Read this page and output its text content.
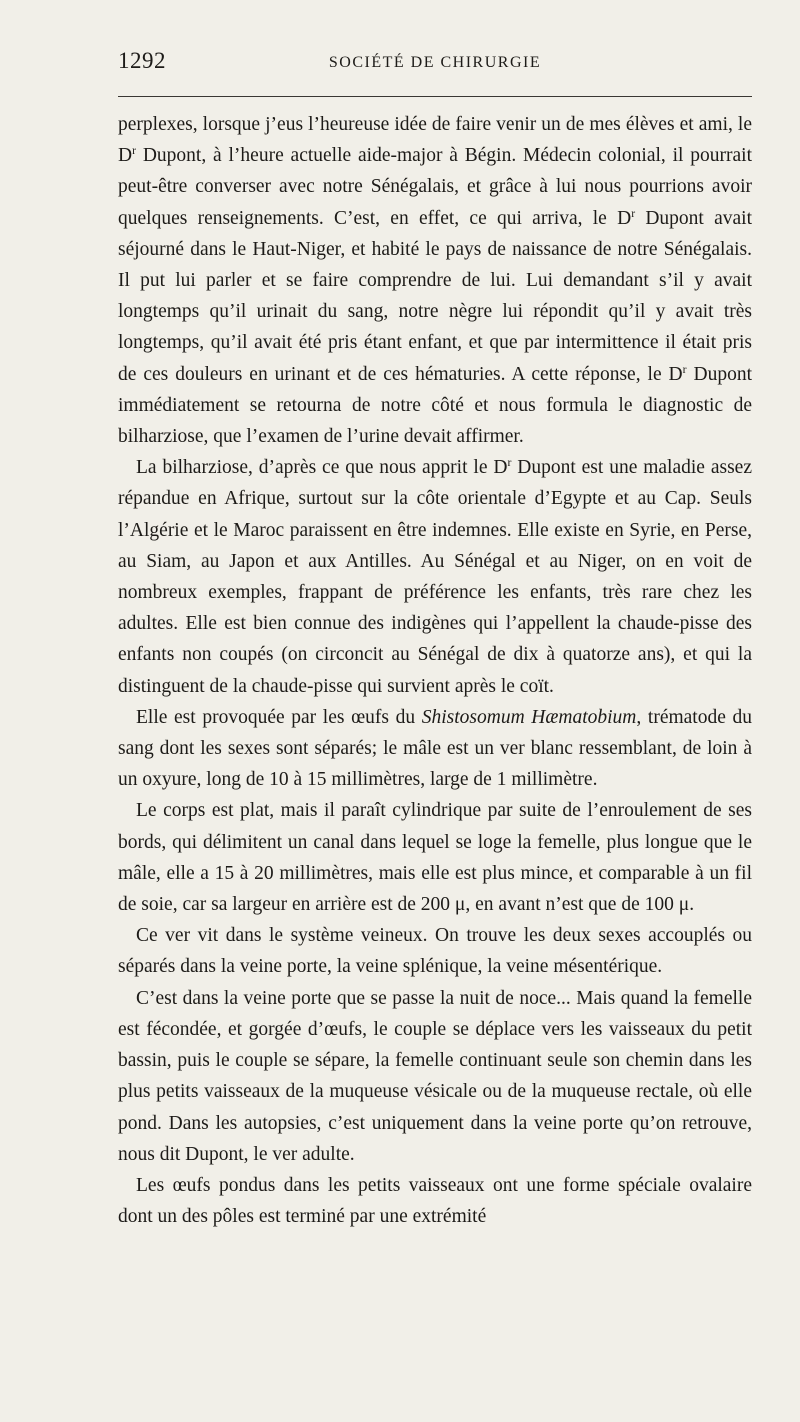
1292	SOCIÉTÉ DE CHIRURGIE

perplexes, lorsque j’eus l’heureuse idée de faire venir un de mes élèves et ami, le $D^r$ Dupont, à l’heure actuelle aide-major à Bégin. Médecin colonial, il pourrait peut-être converser avec notre Sénégalais, et grâce à lui nous pourrions avoir quelques renseignements. C’est, en effet, ce qui arriva, le $D^r$ Dupont avait séjourné dans le Haut-Niger, et habité le pays de naissance de notre Sénégalais. Il put lui parler et se faire comprendre de lui. Lui demandant s’il y avait longtemps qu’il urinait du sang, notre nègre lui répondit qu’il y avait très longtemps, qu’il avait été pris étant enfant, et que par intermittence il était pris de ces douleurs en urinant et de ces hématuries. A cette réponse, le $D^r$ Dupont immédiatement se retourna de notre côté et nous formula le diagnostic de bilharziose, que l’examen de l’urine devait affirmer.

La bilharziose, d’après ce que nous apprit le $D^r$ Dupont est une maladie assez répandue en Afrique, surtout sur la côte orientale d’Egypte et au Cap. Seuls l’Algérie et le Maroc paraissent en être indemnes. Elle existe en Syrie, en Perse, au Siam, au Japon et aux Antilles. Au Sénégal et au Niger, on en voit de nombreux exemples, frappant de préférence les enfants, très rare chez les adultes. Elle est bien connue des indigènes qui l’appellent la chaude-pisse des enfants non coupés (on circoncit au Sénégal de dix à quatorze ans), et qui la distinguent de la chaude-pisse qui survient après le coït.

Elle est provoquée par les œufs du Shistosomum Hæmatobium, trématode du sang dont les sexes sont séparés; le mâle est un ver blanc ressemblant, de loin à un oxyure, long de 10 à 15 millimètres, large de 1 millimètre.

Le corps est plat, mais il paraît cylindrique par suite de l’enroulement de ses bords, qui délimitent un canal dans lequel se loge la femelle, plus longue que le mâle, elle a 15 à 20 millimètres, mais elle est plus mince, et comparable à un fil de soie, car sa largeur en arrière est de 200 μ, en avant n’est que de 100 μ.

Ce ver vit dans le système veineux. On trouve les deux sexes accouplés ou séparés dans la veine porte, la veine splénique, la veine mésentérique.

C’est dans la veine porte que se passe la nuit de noce... Mais quand la femelle est fécondée, et gorgée d’œufs, le couple se déplace vers les vaisseaux du petit bassin, puis le couple se sépare, la femelle continuant seule son chemin dans les plus petits vaisseaux de la muqueuse vésicale ou de la muqueuse rectale, où elle pond. Dans les autopsies, c’est uniquement dans la veine porte qu’on retrouve, nous dit Dupont, le ver adulte.

Les œufs pondus dans les petits vaisseaux ont une forme spéciale ovalaire dont un des pôles est terminé par une extrémité
